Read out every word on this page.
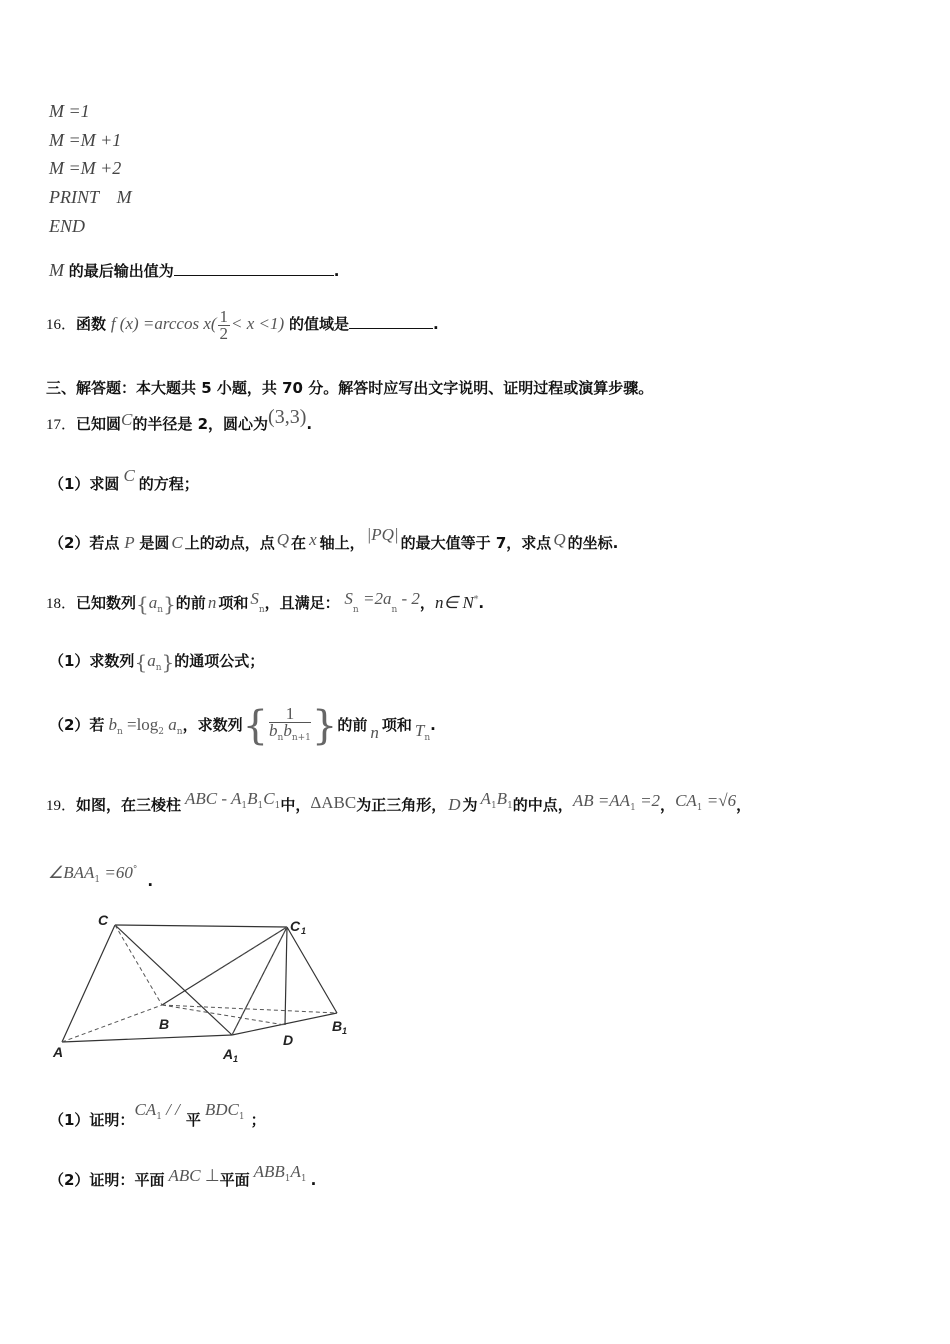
M =1
M =M +1
M =M +2
PRINT    M
END
M 的最后输出值为	.
16．函数 f (x) =arccos $x( \frac{1}{2} < x <1)$ 的值域是	.
三、解答题：本大题共 5 小题，共 70 分。解答时应写出文字说明、证明过程或演算步骤。
17．已知圆C的半径是 2，圆心为(3,3).
（1）求圆 C 的方程；
（2）若点 P 是圆 C 上的动点，点 Q 在 x 轴上， |PQ| 的最大值等于 7，求点 Q 的坐标.
18．已知数列$\{a_n\}$的前 n 项和 $S_n$，且满足： $S_n =2a_n - 2$，n∈ N*.
（1）求数列$\{a_n\}$的通项公式；
（2）若 $b_n =\log_2$ $a_n$，求数列{ $\frac{1}{b_nb_{n+1}}$ }的前 n 项和 $T_n$.
19．如图，在三棱柱 ABC - $A_1B_1C_1$中，ΔABC为正三角形， D 为 $A_1B_1$的中点，AB $=AA_1 =2$，$CA_1 =√6$，
$\angle BAA_1 =60^\circ$.
C	C 1
B	B 1
A	A 1
D
（1）证明：$CA_1$ / /平$BDC_1$ ；
（2）证明：平面 ABC ⊥平面 $ABB_1A_1$ .
